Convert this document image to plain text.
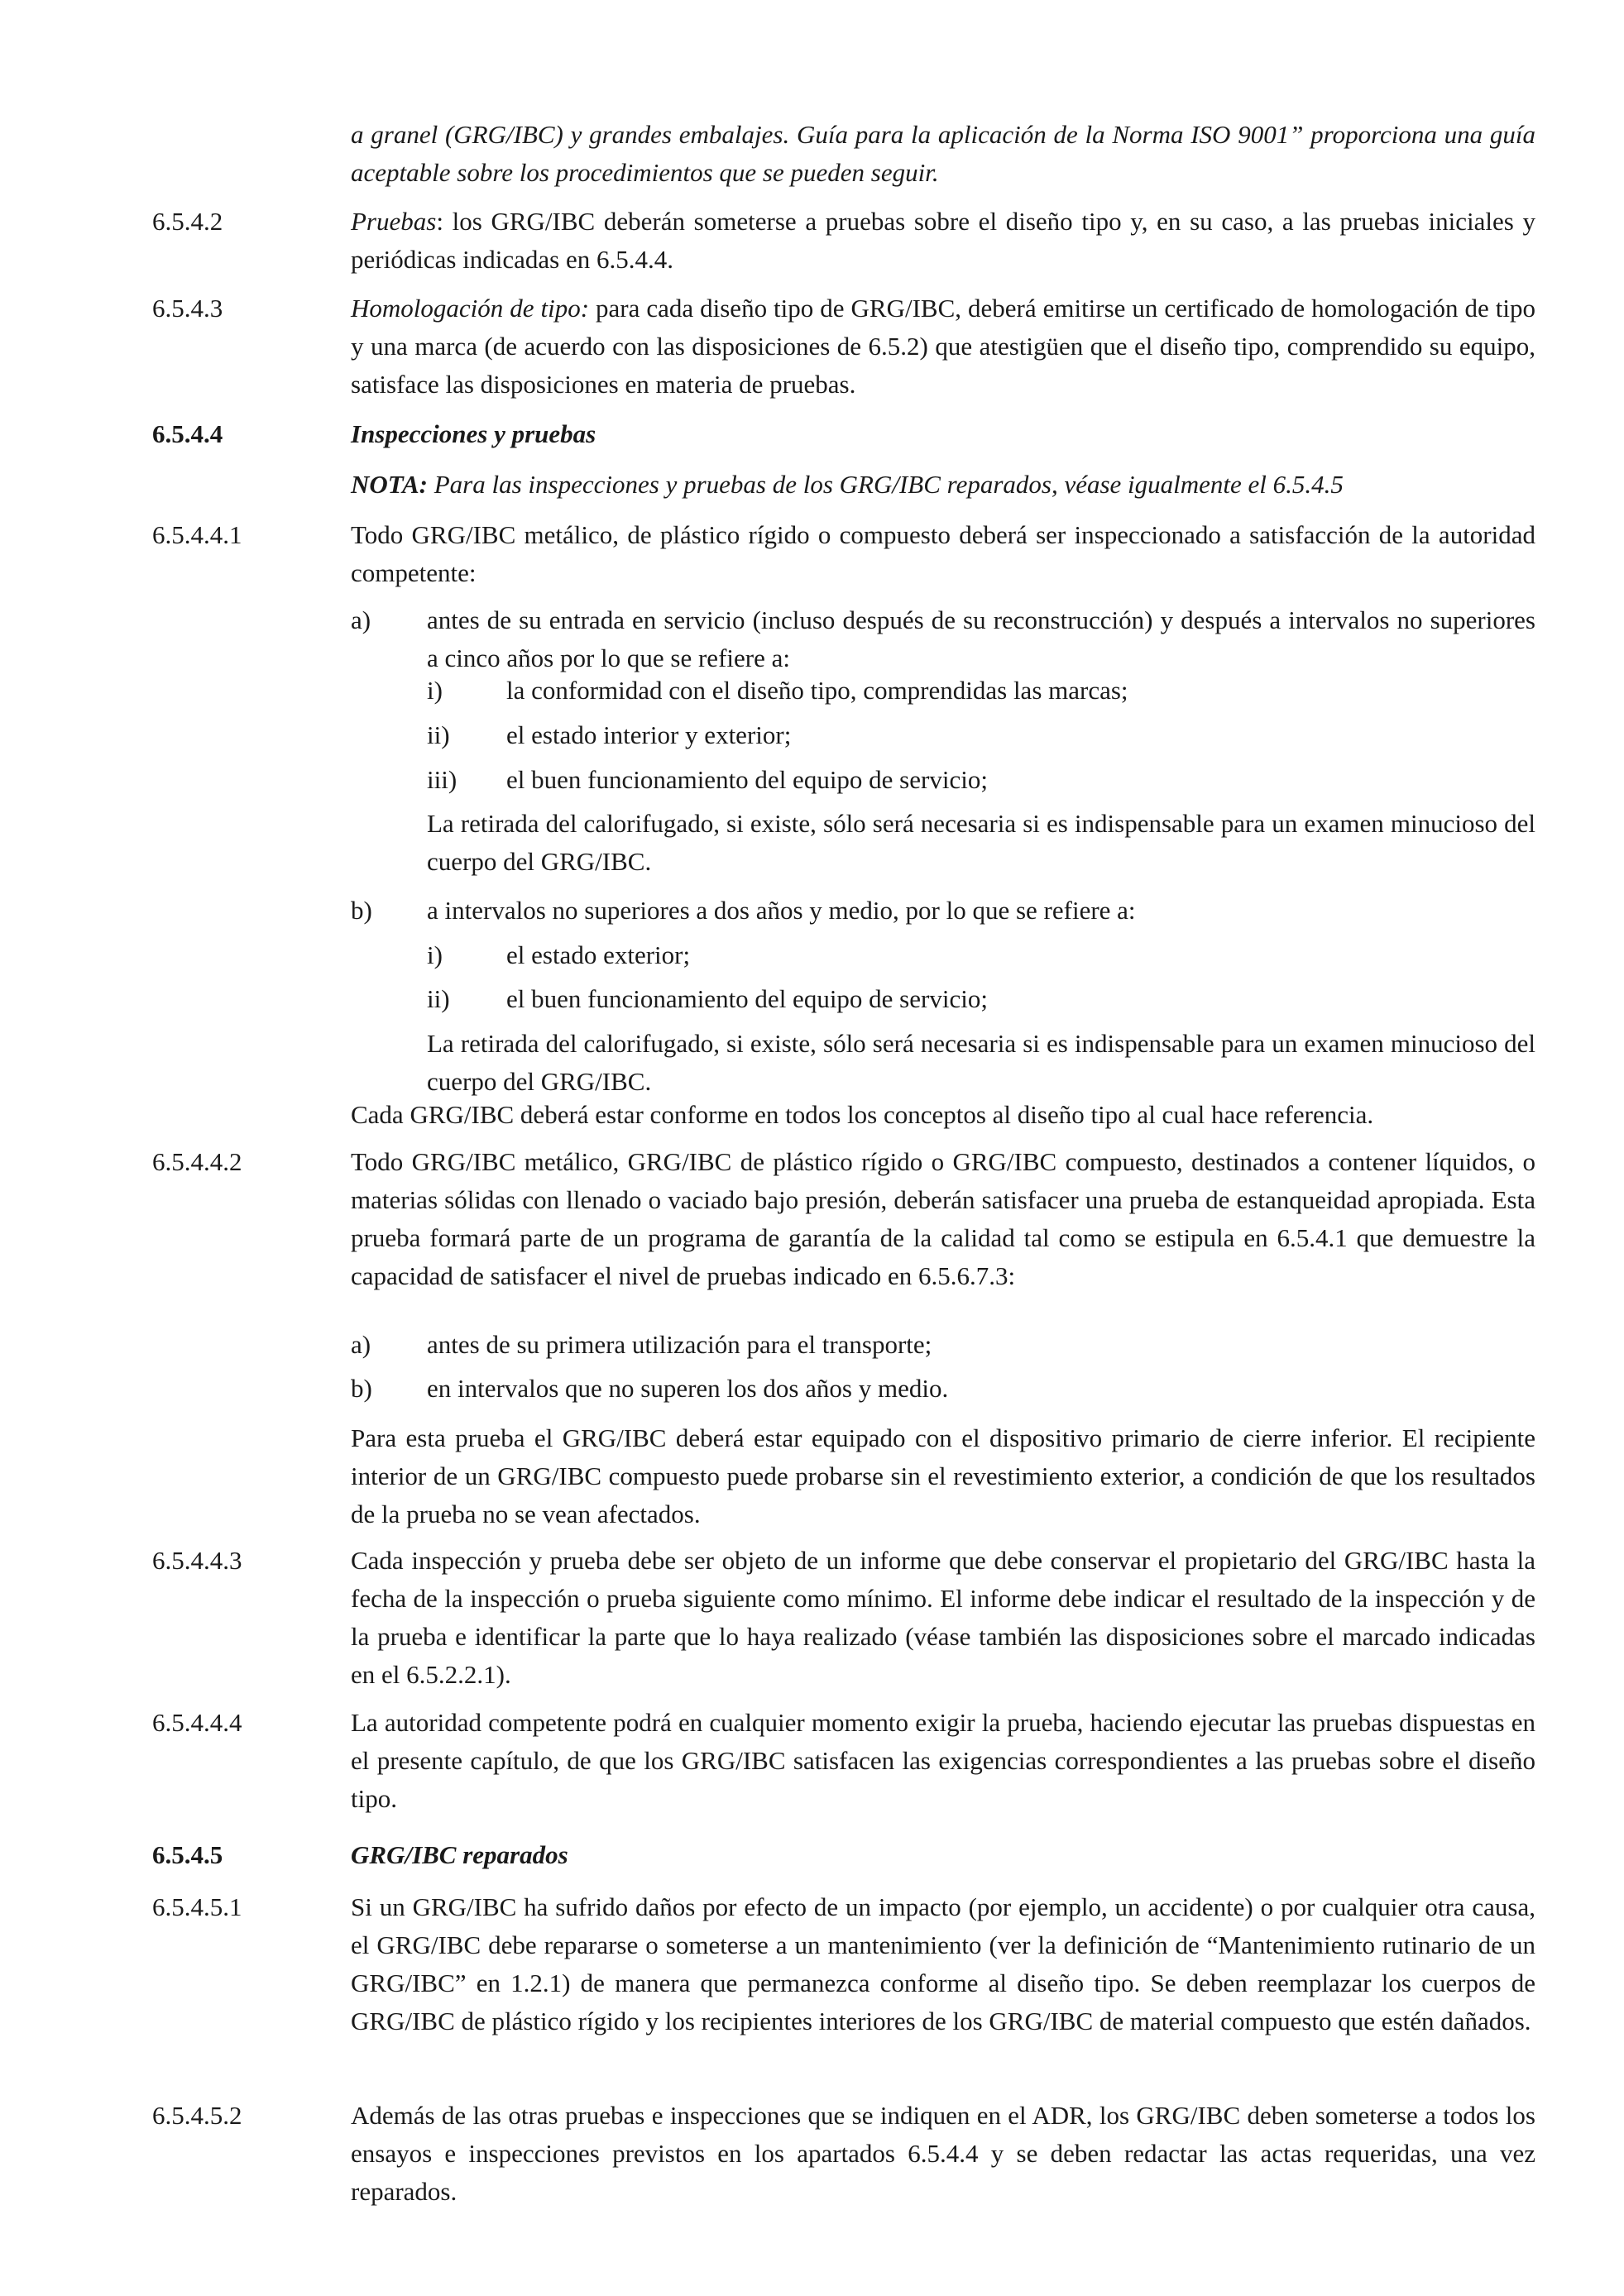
a granel (GRG/IBC) y grandes embalajes. Guía para la aplicación de la Norma ISO 9001” proporciona una guía aceptable sobre los procedimientos que se pueden seguir.
6.5.4.2	Pruebas: los GRG/IBC deberán someterse a pruebas sobre el diseño tipo y, en su caso, a las pruebas iniciales y periódicas indicadas en 6.5.4.4.
6.5.4.3	Homologación de tipo: para cada diseño tipo de GRG/IBC, deberá emitirse un certificado de homologación de tipo y una marca (de acuerdo con las disposiciones de 6.5.2) que atestigüen que el diseño tipo, comprendido su equipo, satisface las disposiciones en materia de pruebas.
6.5.4.4	Inspecciones y pruebas
NOTA: Para las inspecciones y pruebas de los GRG/IBC reparados, véase igualmente el 6.5.4.5
6.5.4.4.1	Todo GRG/IBC metálico, de plástico rígido o compuesto deberá ser inspeccionado a satisfacción de la autoridad competente:
a) antes de su entrada en servicio (incluso después de su reconstrucción) y después a intervalos no superiores a cinco años por lo que se refiere a:
i) la conformidad con el diseño tipo, comprendidas las marcas;
ii) el estado interior y exterior;
iii) el buen funcionamiento del equipo de servicio;
La retirada del calorifugado, si existe, sólo será necesaria si es indispensable para un examen minucioso del cuerpo del GRG/IBC.
b) a intervalos no superiores a dos años y medio, por lo que se refiere a:
i) el estado exterior;
ii) el buen funcionamiento del equipo de servicio;
La retirada del calorifugado, si existe, sólo será necesaria si es indispensable para un examen minucioso del cuerpo del GRG/IBC.
Cada GRG/IBC deberá estar conforme en todos los conceptos al diseño tipo al cual hace referencia.
6.5.4.4.2	Todo GRG/IBC metálico, GRG/IBC de plástico rígido o GRG/IBC compuesto, destinados a contener líquidos, o materias sólidas con llenado o vaciado bajo presión, deberán satisfacer una prueba de estanqueidad apropiada. Esta prueba formará parte de un programa de garantía de la calidad tal como se estipula en 6.5.4.1 que demuestre la capacidad de satisfacer el nivel de pruebas indicado en 6.5.6.7.3:
a) antes de su primera utilización para el transporte;
b) en intervalos que no superen los dos años y medio.
Para esta prueba el GRG/IBC deberá estar equipado con el dispositivo primario de cierre inferior. El recipiente interior de un GRG/IBC compuesto puede probarse sin el revestimiento exterior, a condición de que los resultados de la prueba no se vean afectados.
6.5.4.4.3	Cada inspección y prueba debe ser objeto de un informe que debe conservar el propietario del GRG/IBC hasta la fecha de la inspección o prueba siguiente como mínimo. El informe debe indicar el resultado de la inspección y de la prueba e identificar la parte que lo haya realizado (véase también las disposiciones sobre el marcado indicadas en el 6.5.2.2.1).
6.5.4.4.4	La autoridad competente podrá en cualquier momento exigir la prueba, haciendo ejecutar las pruebas dispuestas en el presente capítulo, de que los GRG/IBC satisfacen las exigencias correspondientes a las pruebas sobre el diseño tipo.
6.5.4.5	GRG/IBC reparados
6.5.4.5.1	Si un GRG/IBC ha sufrido daños por efecto de un impacto (por ejemplo, un accidente) o por cualquier otra causa, el GRG/IBC debe repararse o someterse a un mantenimiento (ver la definición de “Mantenimiento rutinario de un GRG/IBC” en 1.2.1) de manera que permanezca conforme al diseño tipo. Se deben reemplazar los cuerpos de GRG/IBC de plástico rígido y los recipientes interiores de los GRG/IBC de material compuesto que estén dañados.
6.5.4.5.2	Además de las otras pruebas e inspecciones que se indiquen en el ADR, los GRG/IBC deben someterse a todos los ensayos e inspecciones previstos en los apartados 6.5.4.4 y se deben redactar las actas requeridas, una vez reparados.
